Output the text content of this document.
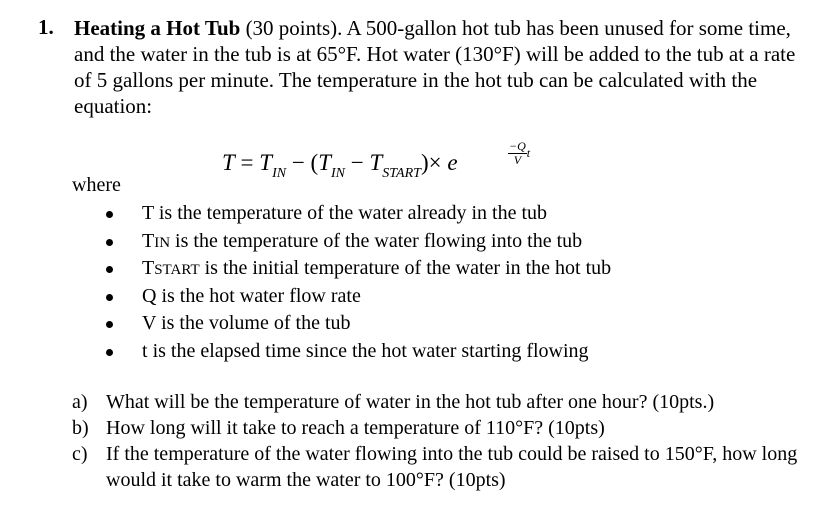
1. Heating a Hot Tub (30 points). A 500-gallon hot tub has been unused for some time, and the water in the tub is at 65°F. Hot water (130°F) will be added to the tub at a rate of 5 gallons per minute. The temperature in the hot tub can be calculated with the equation:
$T = T_{IN} - (T_{IN} - T_{START})\times e$	$\frac{-Q}{V}$ t
where
T is the temperature of the water already in the tub
TIN is the temperature of the water flowing into the tub
TSTART is the initial temperature of the water in the hot tub
Q is the hot water flow rate
V is the volume of the tub
t is the elapsed time since the hot water starting flowing
a) What will be the temperature of water in the hot tub after one hour? (10pts.)
b) How long will it take to reach a temperature of 110°F? (10pts)
c) If the temperature of the water flowing into the tub could be raised to 150°F, how long would it take to warm the water to 100°F? (10pts)
